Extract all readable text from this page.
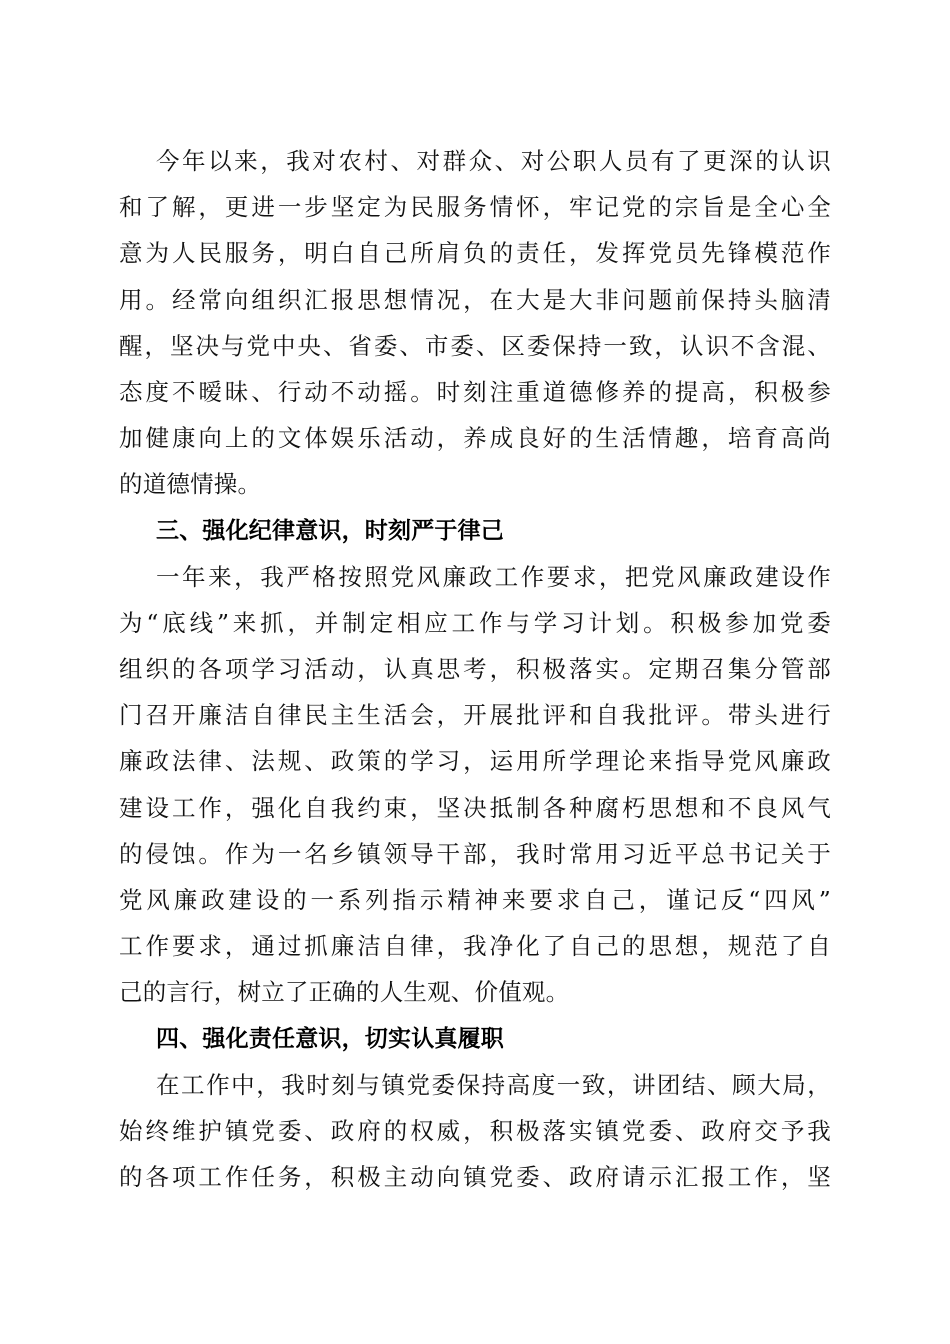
今年以来，我对农村、对群众、对公职人员有了更深的认识
和了解，更进一步坚定为民服务情怀，牢记党的宗旨是全心全
意为人民服务，明白自己所肩负的责任，发挥党员先锋模范作
用。经常向组织汇报思想情况，在大是大非问题前保持头脑清
醒，坚决与党中央、省委、市委、区委保持一致，认识不含混、
态度不暧昧、行动不动摇。时刻注重道德修养的提高，积极参
加健康向上的文体娱乐活动，养成良好的生活情趣，培育高尚
的道德情操。
三、强化纪律意识，时刻严于律己
一年来，我严格按照党风廉政工作要求，把党风廉政建设作
为“底线”来抓，并制定相应工作与学习计划。积极参加党委
组织的各项学习活动，认真思考，积极落实。定期召集分管部
门召开廉洁自律民主生活会，开展批评和自我批评。带头进行
廉政法律、法规、政策的学习，运用所学理论来指导党风廉政
建设工作，强化自我约束，坚决抵制各种腐朽思想和不良风气
的侵蚀。作为一名乡镇领导干部，我时常用习近平总书记关于
党风廉政建设的一系列指示精神来要求自己，谨记反“四风”
工作要求，通过抓廉洁自律，我净化了自己的思想，规范了自
己的言行，树立了正确的人生观、价值观。
四、强化责任意识，切实认真履职
在工作中，我时刻与镇党委保持高度一致，讲团结、顾大局，
始终维护镇党委、政府的权威，积极落实镇党委、政府交予我
的各项工作任务，积极主动向镇党委、政府请示汇报工作，坚
